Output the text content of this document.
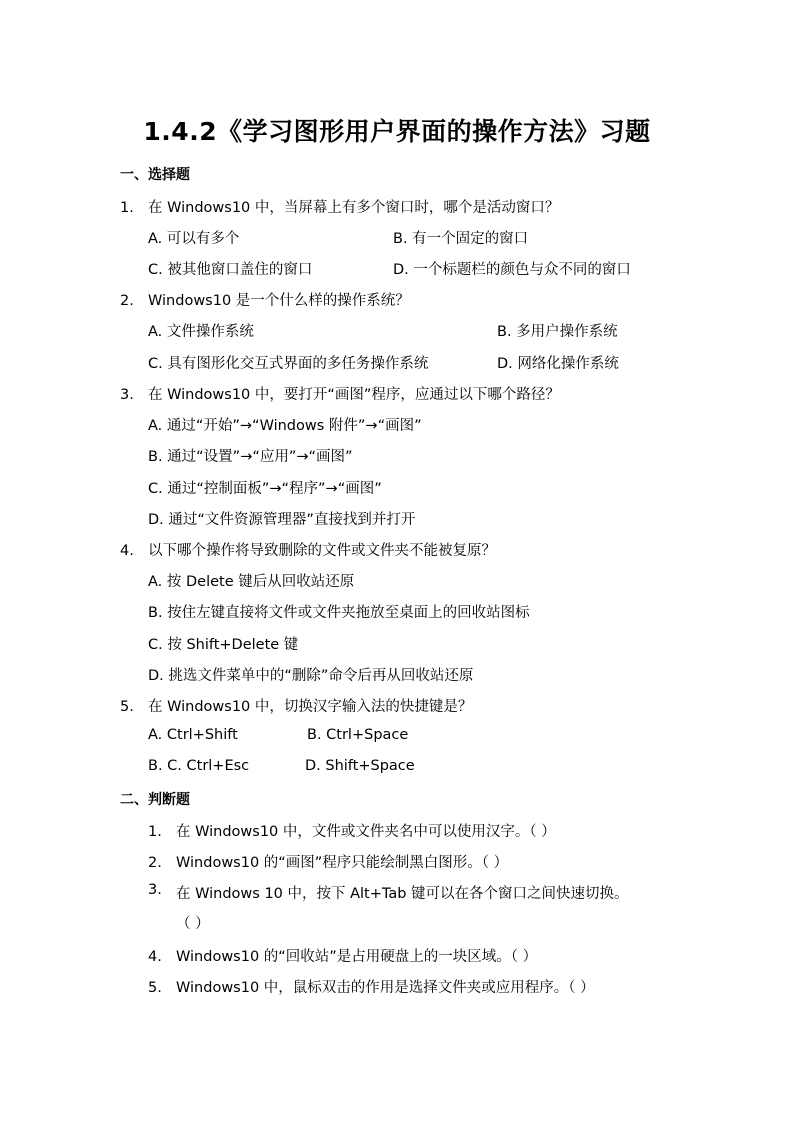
1.4.2《学习图形用户界面的操作方法》习题
一、选择题
1. 在 Windows10 中，当屏幕上有多个窗口时，哪个是活动窗口？
A. 可以有多个	B. 有一个固定的窗口
C. 被其他窗口盖住的窗口	D. 一个标题栏的颜色与众不同的窗口
2. Windows10 是一个什么样的操作系统？
A. 文件操作系统	B. 多用户操作系统
C. 具有图形化交互式界面的多任务操作系统	D. 网络化操作系统
3. 在 Windows10 中，要打开“画图”程序，应通过以下哪个路径？
A. 通过“开始”→“Windows 附件”→“画图”
B. 通过“设置”→“应用”→“画图”
C. 通过“控制面板”→“程序”→“画图”
D. 通过“文件资源管理器”直接找到并打开
4. 以下哪个操作将导致删除的文件或文件夹不能被复原？
A. 按 Delete 键后从回收站还原
B. 按住左键直接将文件或文件夹拖放至桌面上的回收站图标
C. 按 Shift+Delete 键
D. 挑选文件菜单中的“删除”命令后再从回收站还原
5. 在 Windows10 中，切换汉字输入法的快捷键是？
A. Ctrl+Shift	B. Ctrl+Space
B. C. Ctrl+Esc	D. Shift+Space
二、判断题
1. 在 Windows10 中，文件或文件夹名中可以使用汉字。（ ）
2. Windows10 的“画图”程序只能绘制黑白图形。（ ）
3. 在 Windows 10 中，按下 Alt+Tab 键可以在各个窗口之间快速切换。
（ ）
4. Windows10 的“回收站”是占用硬盘上的一块区域。（ ）
5. Windows10 中，鼠标双击的作用是选择文件夹或应用程序。（ ）
